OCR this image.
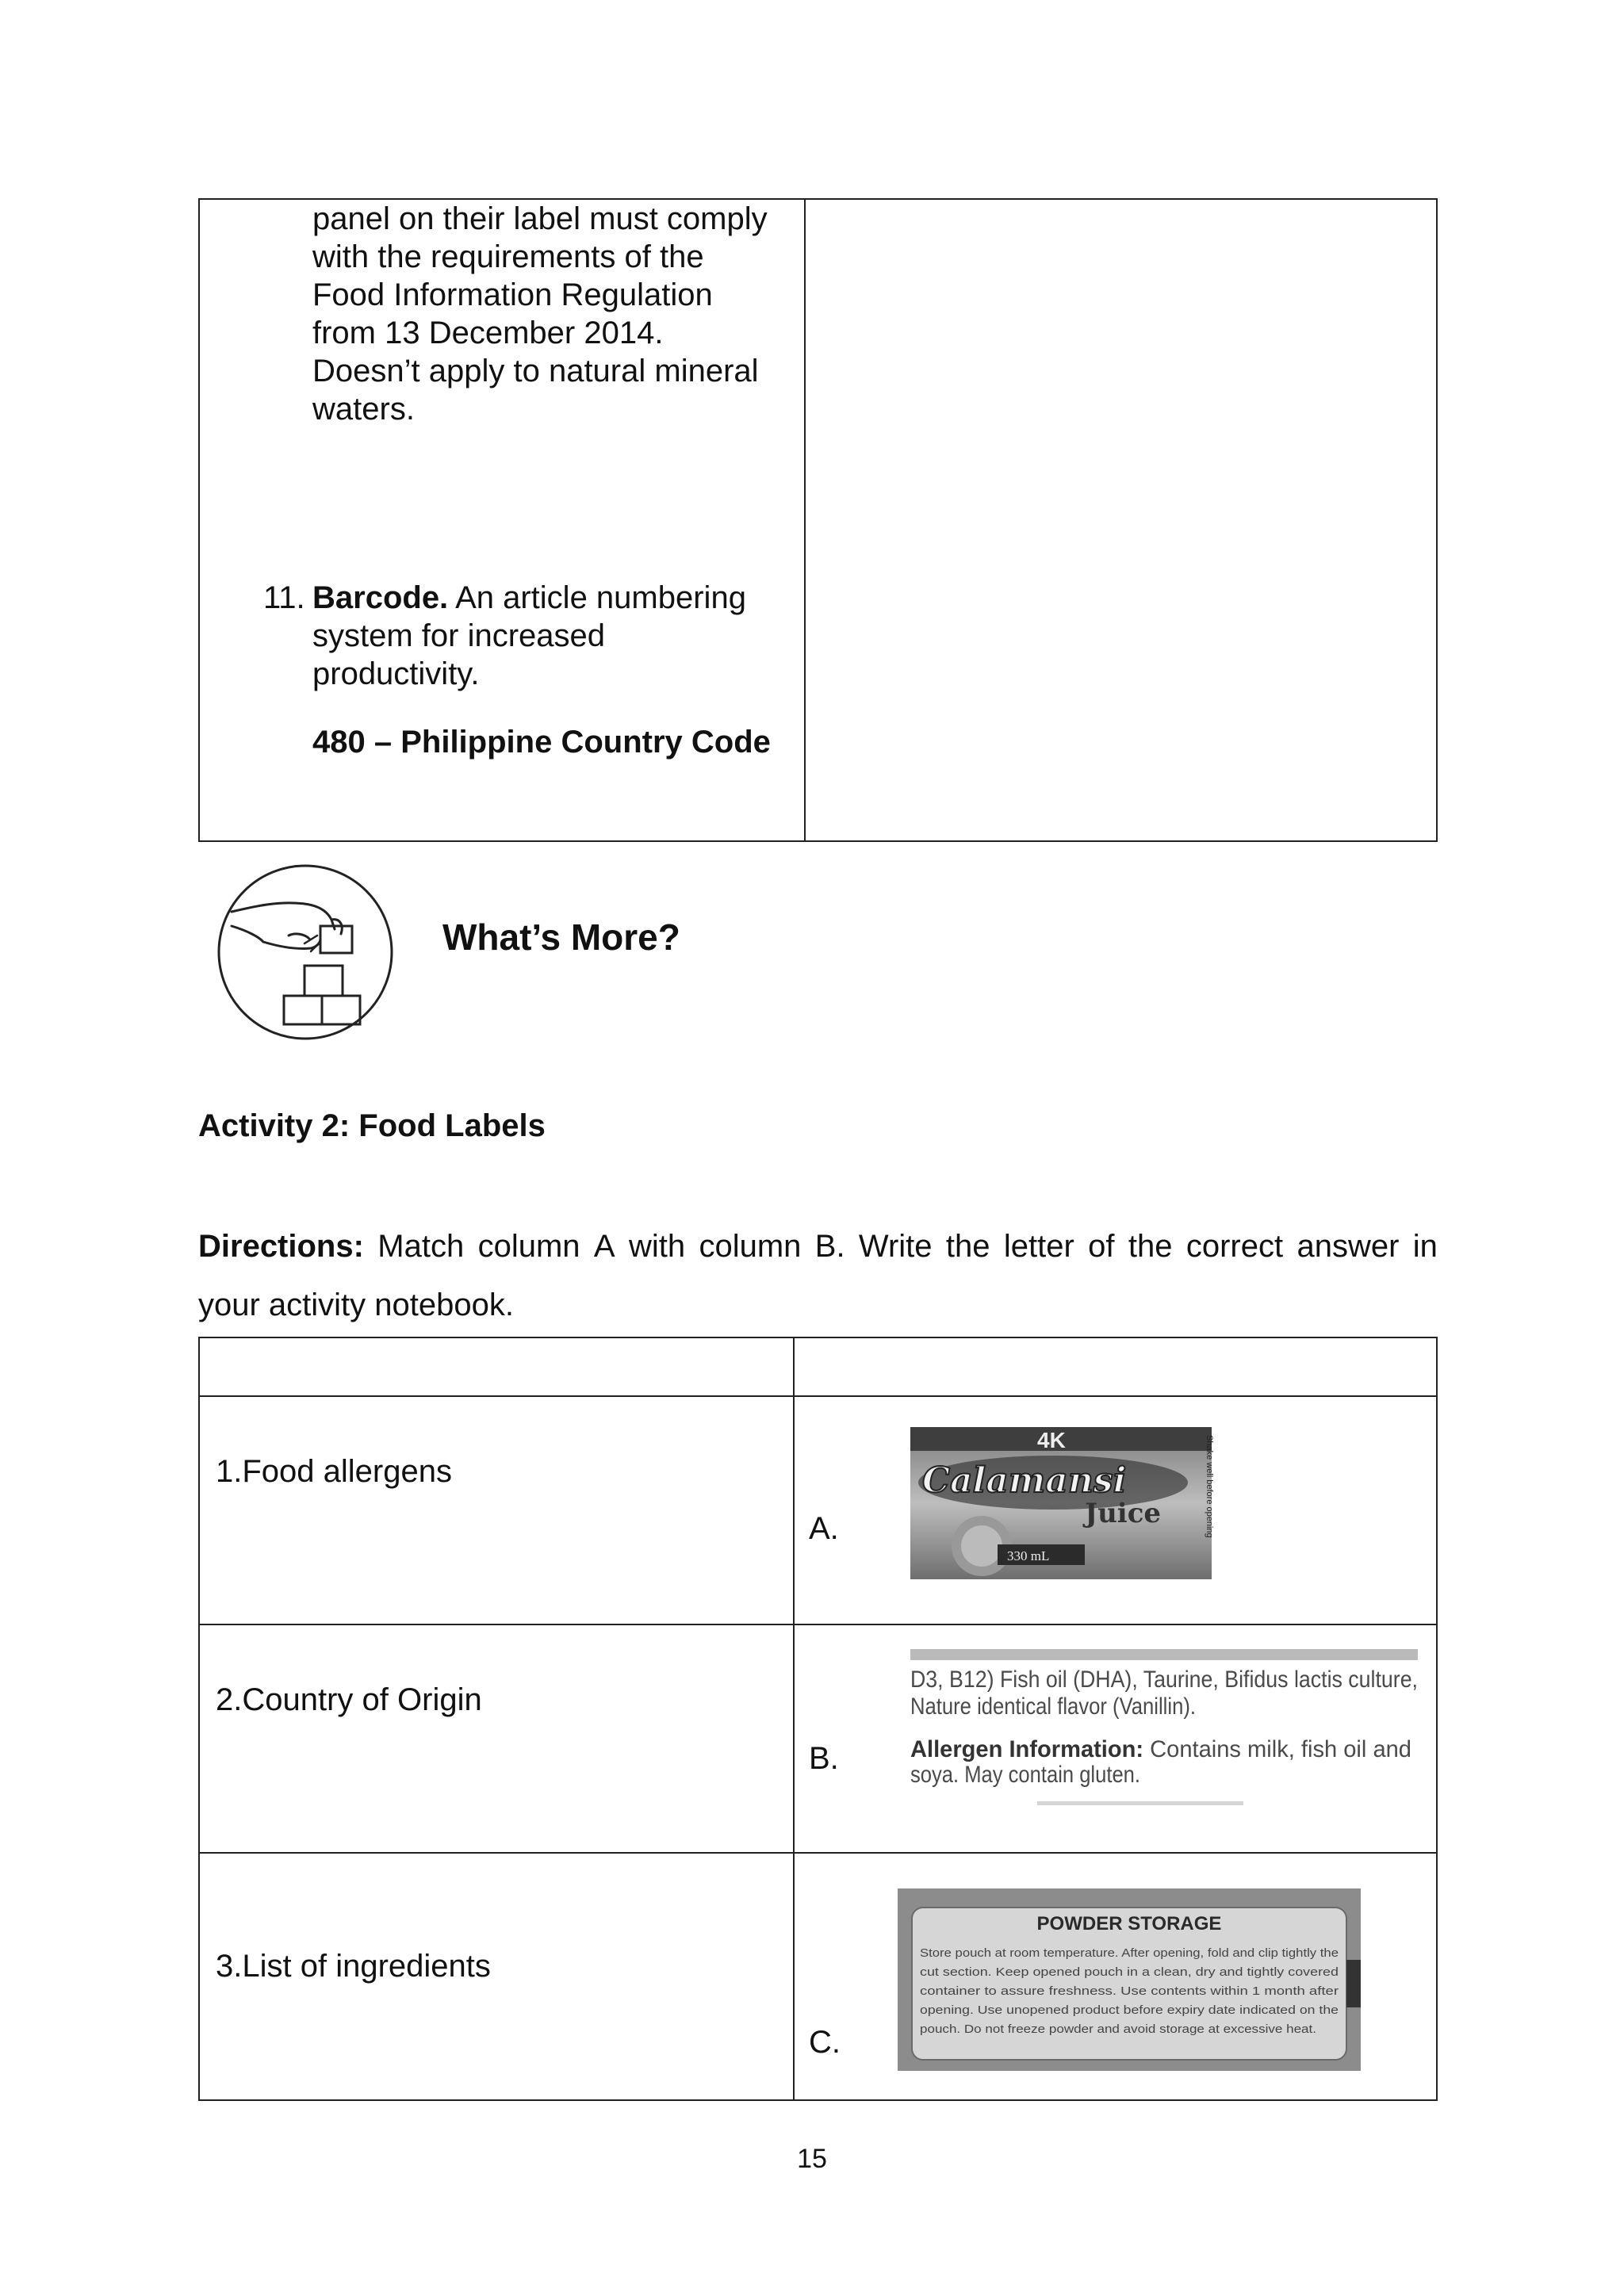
panel on their label must comply
with the requirements of the
Food Information Regulation
from 13 December 2014.
Doesn’t apply to natural mineral
waters.
11. Barcode. An article numbering
system for increased
productivity.
480 – Philippine Country Code
What’s More?
Activity 2: Food Labels
Directions: Match column A with column B. Write the letter of the correct answer in
your activity notebook.
1.Food allergens
A.
4K
Calamansi
Juice
330 mL
Shake well before opening
2.Country of Origin
B.
D3, B12) Fish oil (DHA), Taurine, Bifidus lactis culture,
Nature identical flavor (Vanillin).
Allergen Information: Contains milk, fish oil and
soya. May contain gluten.
3.List of ingredients
C.
POWDER STORAGE
Store pouch at room temperature. After opening, fold and clip tightly the
cut section. Keep opened pouch in a clean, dry and tightly covered
container to assure freshness. Use contents within 1 month after
opening. Use unopened product before expiry date indicated on the
pouch. Do not freeze powder and avoid storage at excessive heat.
15
